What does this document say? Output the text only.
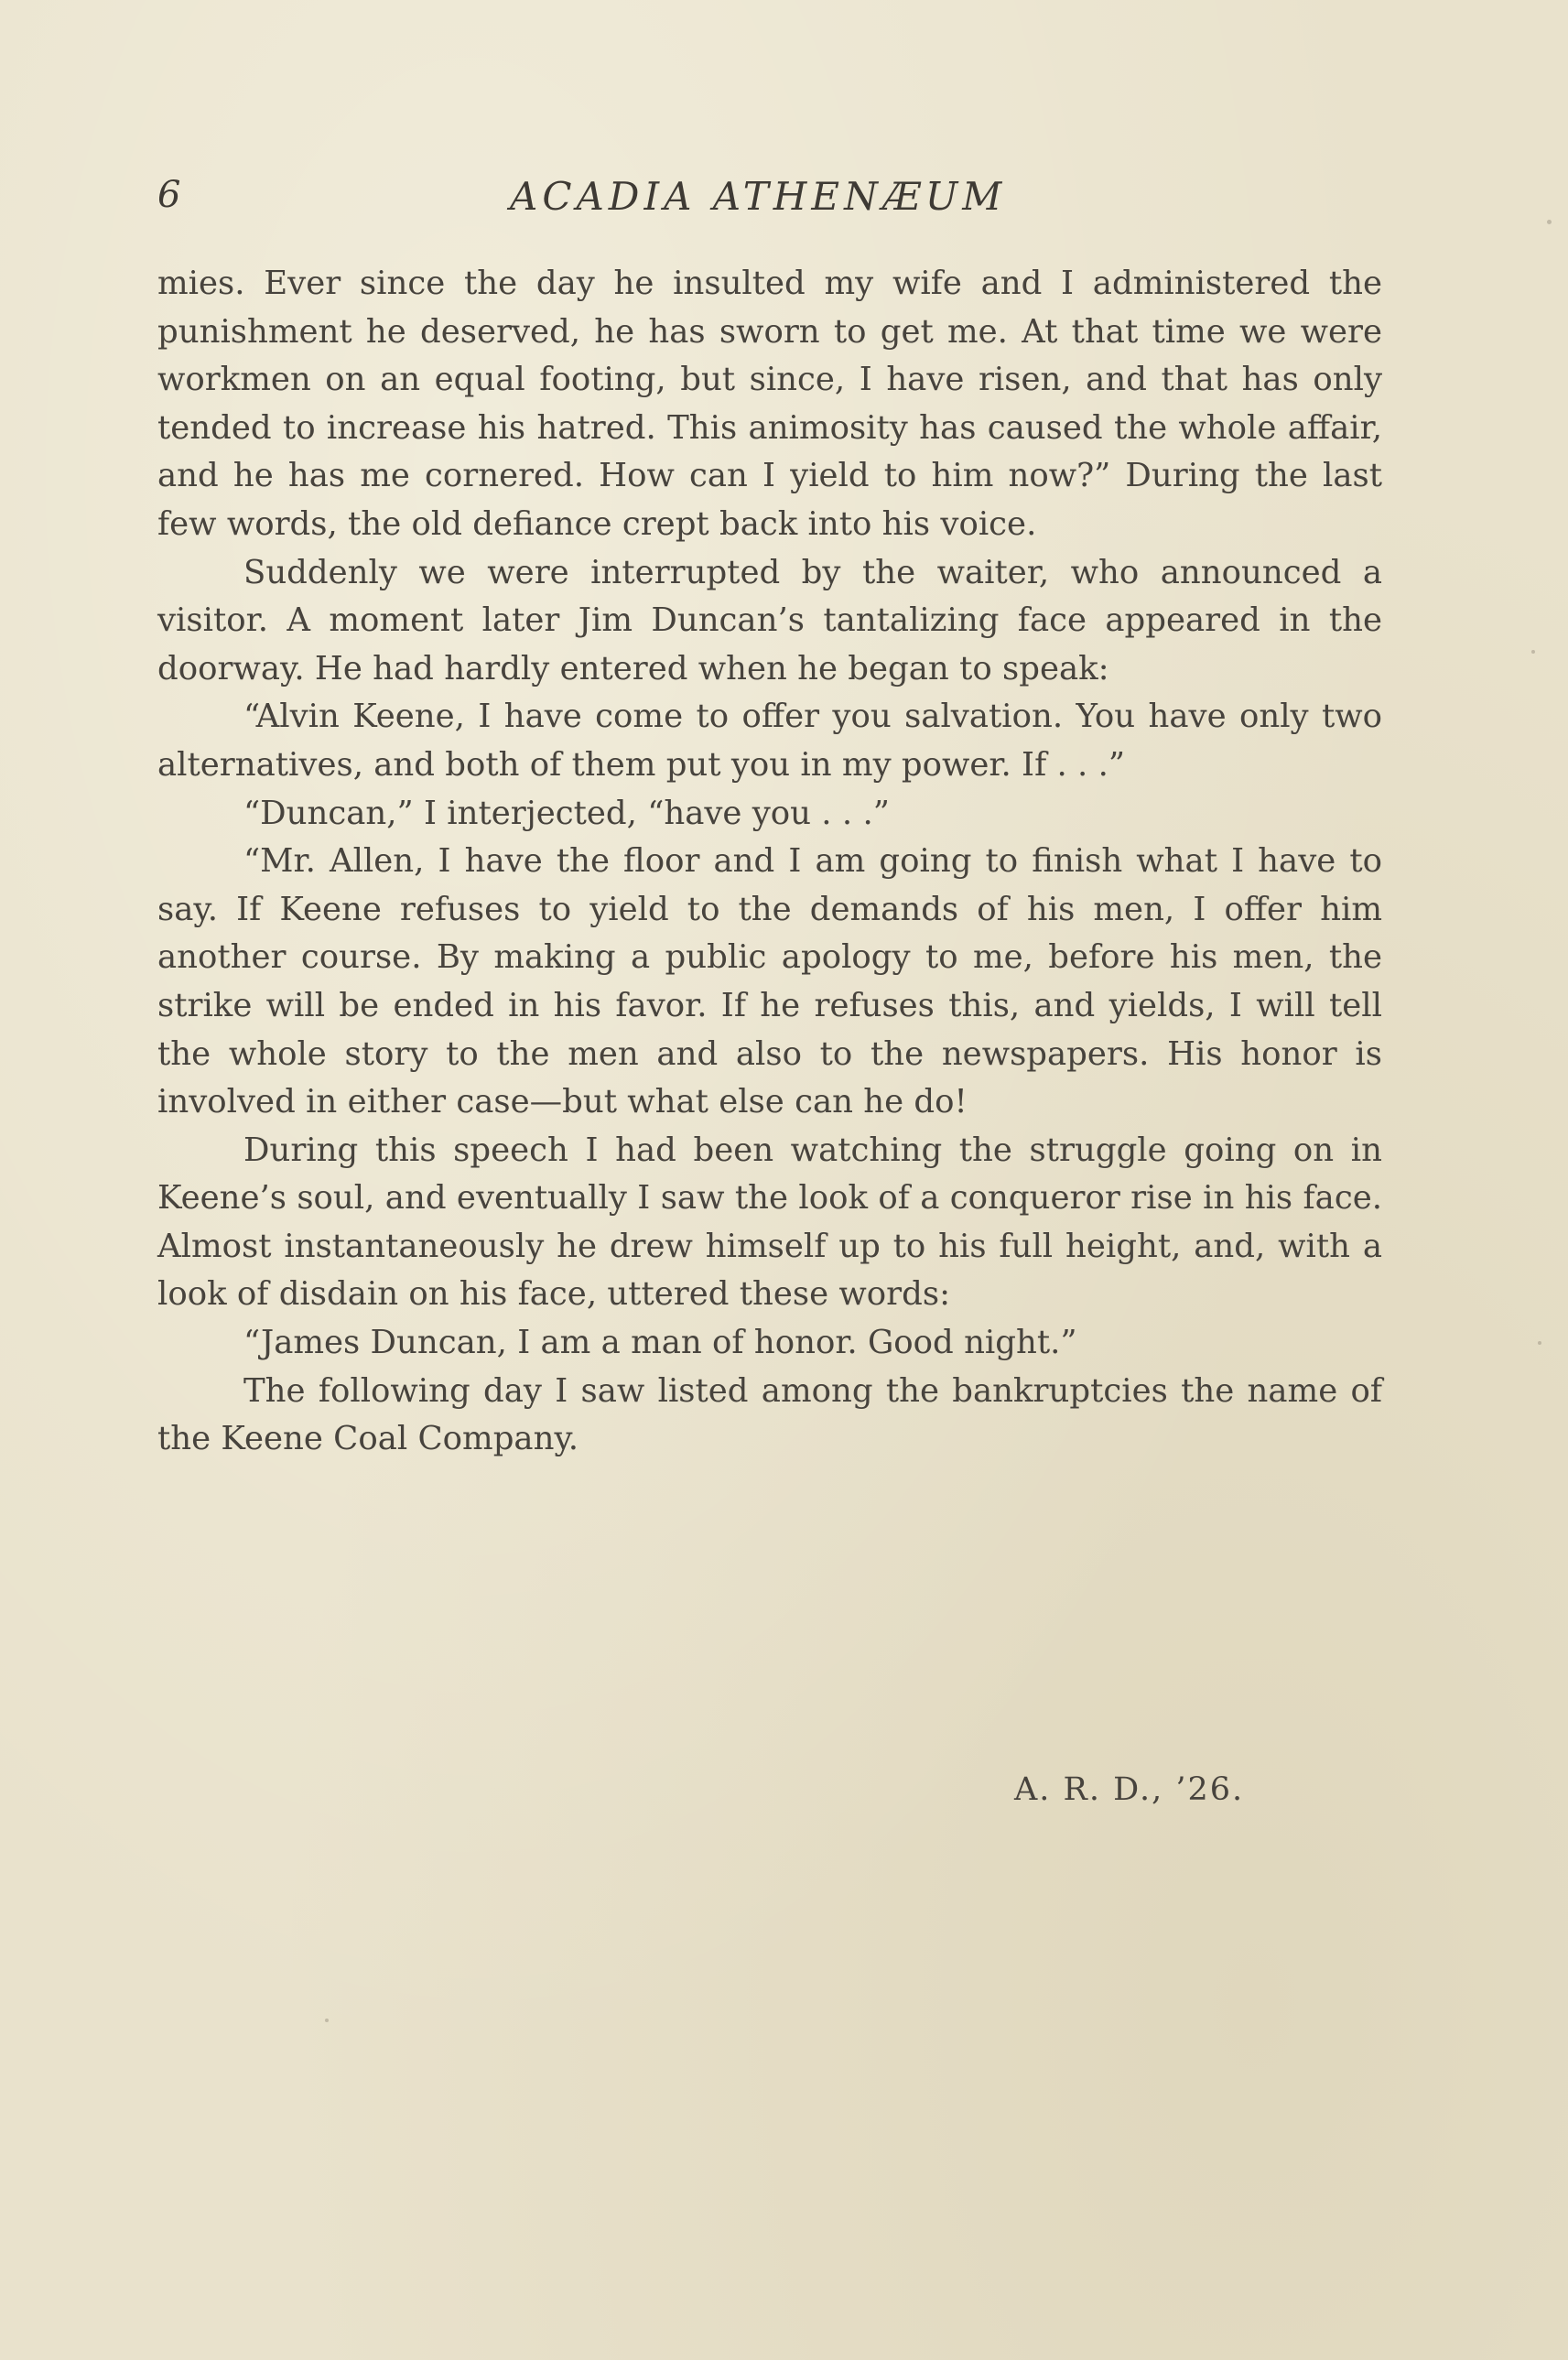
6	ACADIA ATHENÆUM

mies. Ever since the day he insulted my wife and I administered the punishment he deserved, he has sworn to get me. At that time we were workmen on an equal footing, but since, I have risen, and that has only tended to increase his hatred. This animosity has caused the whole affair, and he has me cornered. How can I yield to him now?” During the last few words, the old defiance crept back into his voice.

Suddenly we were interrupted by the waiter, who announced a visitor. A moment later Jim Duncan’s tantalizing face appeared in the doorway. He had hardly entered when he began to speak:

“Alvin Keene, I have come to offer you salvation. You have only two alternatives, and both of them put you in my power. If . . .”

“Duncan,” I interjected, “have you . . .”

“Mr. Allen, I have the floor and I am going to finish what I have to say. If Keene refuses to yield to the demands of his men, I offer him another course. By making a public apology to me, before his men, the strike will be ended in his favor. If he refuses this, and yields, I will tell the whole story to the men and also to the newspapers. His honor is involved in either case—but what else can he do!

During this speech I had been watching the struggle going on in Keene’s soul, and eventually I saw the look of a conqueror rise in his face. Almost instantaneously he drew himself up to his full height, and, with a look of disdain on his face, uttered these words:

“James Duncan, I am a man of honor. Good night.”

The following day I saw listed among the bankruptcies the name of the Keene Coal Company.

A. R. D., ’26.
